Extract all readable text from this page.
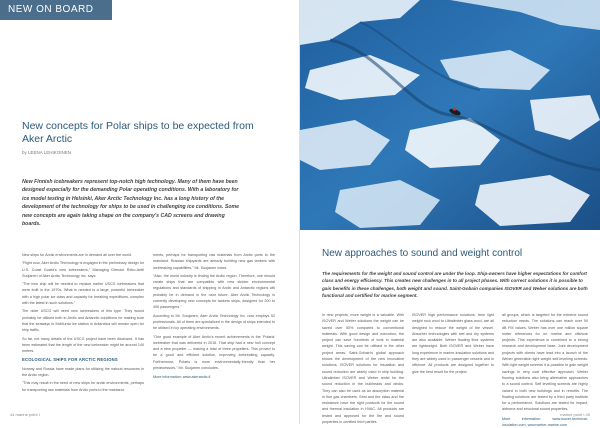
NEW ON BOARD
New concepts for Polar ships to be expected from Aker Arctic
by LEENA LEHIKOINEN

New Finnish icebreakers represent top-notch high technology. Many of them have been designed especially for the demanding Polar operating conditions. With a laboratory for ice model testing in Helsinki, Aker Arctic Technology Inc. has a long history of the development of the technology for ships to be used in challenging ice conditions. Some new concepts are again taking shape on the company's CAD screens and drawing boards.

New ships for Arctic environments are in demand all over the world.

"Right now, Aker Arctic Technology is engaged in the preliminary design for U.S. Coast Guard's new icebreakers," Managing Director Reko-Antti Suojanen of Aker Arctic Technology Inc. says.

"The new ship will be needed to replace earlier USCG icebreakers that were built in the 1970s. What is needed is a large, powerful icebreaker with a high polar ice class and capacity for breaking expeditions, complex with the latest in such solutions."

The older USCG will need new icebreakers of this type. They would probably be utilised both in Arctic and Antarctic conditions for making sure that the seaways to McMurdo ice station in Antarctica will remain open for ship traffic.

So far, not many details of the USCG project have been disclosed. It has been estimated that the length of the new icebreaker might be around 140 metres.

ECOLOGICAL SHIPS FOR ARCTIC REGIONS

Norway and Russia have made plans for utilizing the natural resources in the Arctic region.

"This may result in the need of new ships for arctic environments, perhaps for transporting raw materials from Arctic ports to the mainland.

ments, perhaps for transporting raw materials from Arctic ports to the mainland. Russian shipyards are already building new gas tankers with icebreaking capabilities," Mr. Suojanen notes.

"Also, the world industry is finding the Arctic region. Therefore, one should create ships that are compatible with new stricter environmental regulations and standards of shipping in Arctic and Antarctic regions will probably be in demand in the near future. Aker Arctic Technology is currently developing new concepts for tankers ships, designed for 200 to 400 passengers."

According to Mr. Suojanen, Aker Arctic Technology Inc. now employs 52 professionals. All of them are specialized in the design of ships intended to be utilised in icy operating environments.

"One good example of Aker Arctic's recent achievements is the 'Polaris' icebreaker that was delivered in 2016. That ship had a new hull concept and a new propeller — making a total of three propellers. This proved to be a good and efficient solution, improving icebreaking capacity. Furthermore, Polaris is more environmentally-friendly than her predecessors," Mr. Suojanen concludes.

More information: www.akerarctic.fi
44 marine point I
New approaches to sound and weight control

The requirements for the weight and sound control are under the loop. Ship-owners have higher expectations for comfort class and energy efficiency. This creates new challenges in to all project phases. With correct solutions it is possible to gain benefits in these challenges, both weight and sound. Saint-Gobain companies ISOVER and Weber solutions are both functional and certified for marine segment.

In new projects, more weight is a valuable. With ISOVER and Weber solutions the weight can be saved over 50% compared to conventional materials. With good design and execution, the project can save hundreds of tons in material weight. This saving can be utilised in the other project areas. Saint-Gobain's global approach shows the development of the new innovative solutions. ISOVER solutions for insulation and sound reduction are widely used in ship building. Ultralimber ISOVER and Weber resist for the sound reduction in the bulkheads and decks. They can also be used as an absorption material in flue gas chambers. Seal and fire class and fire resistance have the right products for the sound and thermal insulation in HVAC. All products are tested and approved for the fire and sound properties in certified third parties.

ISOVER high performance solutions, from light weight rock wool to Ultralimber glass wool, are all designed to reduce the weight of the vessel. Absorber technologies with wet and dry systems are also available. Weber floating floor systems are lightweight. Both ISOVER and Weber have long experience in marine-insulation solutions and they are widely used in passenger vessels and in offshore. All products are designed together to give the best result for the project.

all groups, which is targeted for the extreme sound reduction needs. The solutions can reach over 50 dB FM values. Weber has over one million square meter references for on marine and offshore projects. This experience is combined to a strong research and development base. Joint development projects with clients have lead into a launch of the Weber generation light weight self-levelling screeds. With light weight screeds it is possible to gain weight savings in very cost effective approach. Weber flooring solutions also bring alternative approaches to a sound control. Self levelling screeds are highly valued in both new buildings and in retrofits. The floating solutions are tested by a third party institute for a performance. Solutions are tested for impact, airborne and structural sound properties.

More information: www.isover-technical-insulation.com, www.weber-marine.com
marine point I 45
